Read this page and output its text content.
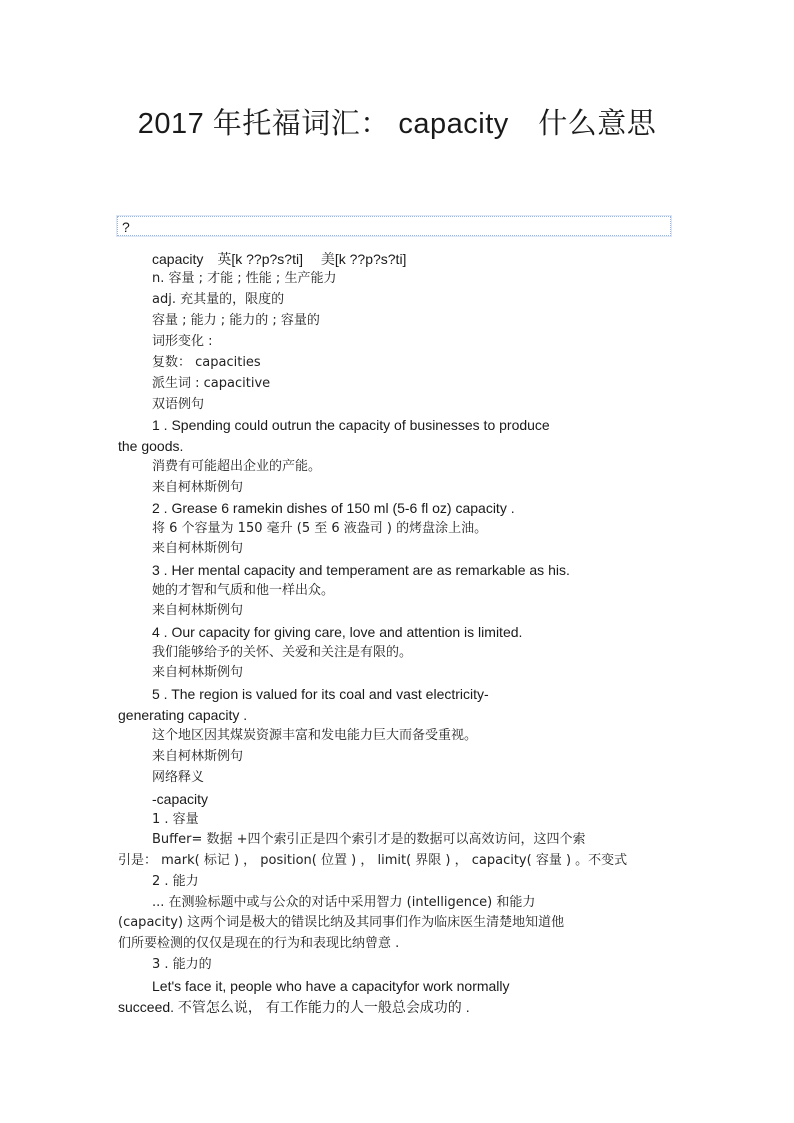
2017 年托福词汇： capacity　什么意思
?
capacity　英[k ??p?s?ti]　 美[k ??p?s?ti]
n. 容量 ; 才能 ; 性能 ; 生产能力
adj. 充其量的，限度的
容量 ; 能力 ; 能力的 ; 容量的
词形变化 :
复数： capacities
派生词 : capacitive
双语例句
1 . Spending could outrun the capacity of businesses to produce
the goods.
消费有可能超出企业的产能。
来自柯林斯例句
2 . Grease 6 ramekin dishes of 150 ml (5-6 fl oz) capacity .
将 6 个容量为 150 毫升 (5 至 6 液盎司 ) 的烤盘涂上油。
来自柯林斯例句
3 . Her mental capacity and temperament are as remarkable as his.
她的才智和气质和他一样出众。
来自柯林斯例句
4 . Our capacity for giving care, love and attention is limited.
我们能够给予的关怀、关爱和关注是有限的。
来自柯林斯例句
5 . The region is valued for its coal and vast electricity-
generating capacity .
这个地区因其煤炭资源丰富和发电能力巨大而备受重视。
来自柯林斯例句
网络释义
-capacity
1 . 容量
Buffer= 数据 +四个索引正是四个索引才是的数据可以高效访问，这四个索
引是： mark( 标记 ) ， position( 位置 ) ， limit( 界限 ) ， capacity( 容量 ) 。不变式
2 . 能力
... 在测验标题中或与公众的对话中采用智力 (intelligence) 和能力
(capacity) 这两个词是极大的错误比纳及其同事们作为临床医生清楚地知道他
们所要检测的仅仅是现在的行为和表现比纳曾意 .
3 . 能力的
Let's face it, people who have a capacityfor work normally
succeed. 不管怎么说， 有工作能力的人一般总会成功的 .
